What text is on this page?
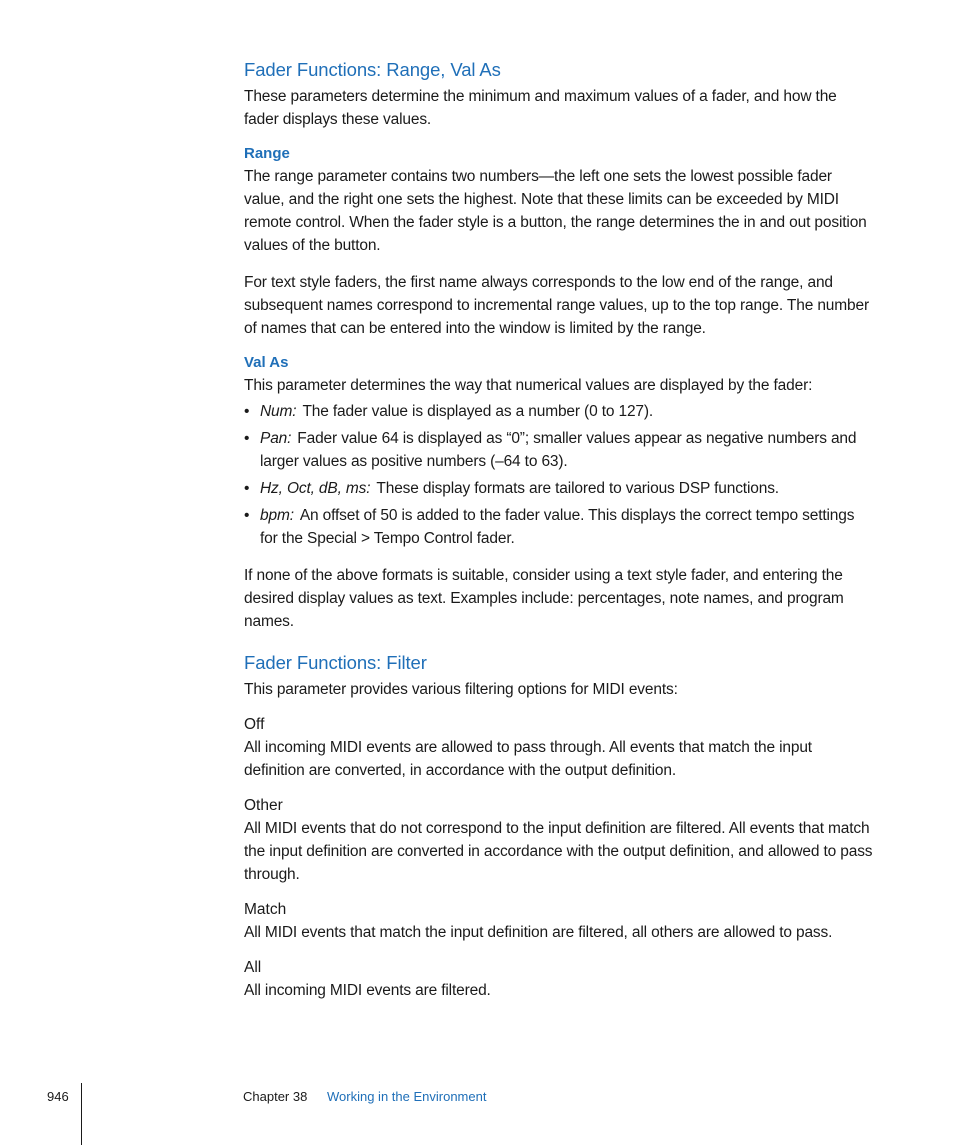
Fader Functions: Range, Val As

These parameters determine the minimum and maximum values of a fader, and how the fader displays these values.

Range

The range parameter contains two numbers—the left one sets the lowest possible fader value, and the right one sets the highest. Note that these limits can be exceeded by MIDI remote control. When the fader style is a button, the range determines the in and out position values of the button.

For text style faders, the first name always corresponds to the low end of the range, and subsequent names correspond to incremental range values, up to the top range. The number of names that can be entered into the window is limited by the range.

Val As

This parameter determines the way that numerical values are displayed by the fader:

• Num: The fader value is displayed as a number (0 to 127).
• Pan: Fader value 64 is displayed as “0”; smaller values appear as negative numbers and larger values as positive numbers (–64 to 63).
• Hz, Oct, dB, ms: These display formats are tailored to various DSP functions.
• bpm: An offset of 50 is added to the fader value. This displays the correct tempo settings for the Special > Tempo Control fader.

If none of the above formats is suitable, consider using a text style fader, and entering the desired display values as text. Examples include: percentages, note names, and program names.

Fader Functions: Filter

This parameter provides various filtering options for MIDI events:

Off

All incoming MIDI events are allowed to pass through. All events that match the input definition are converted, in accordance with the output definition.

Other

All MIDI events that do not correspond to the input definition are filtered. All events that match the input definition are converted in accordance with the output definition, and allowed to pass through.

Match

All MIDI events that match the input definition are filtered, all others are allowed to pass.

All

All incoming MIDI events are filtered.

946	Chapter 38 Working in the Environment
